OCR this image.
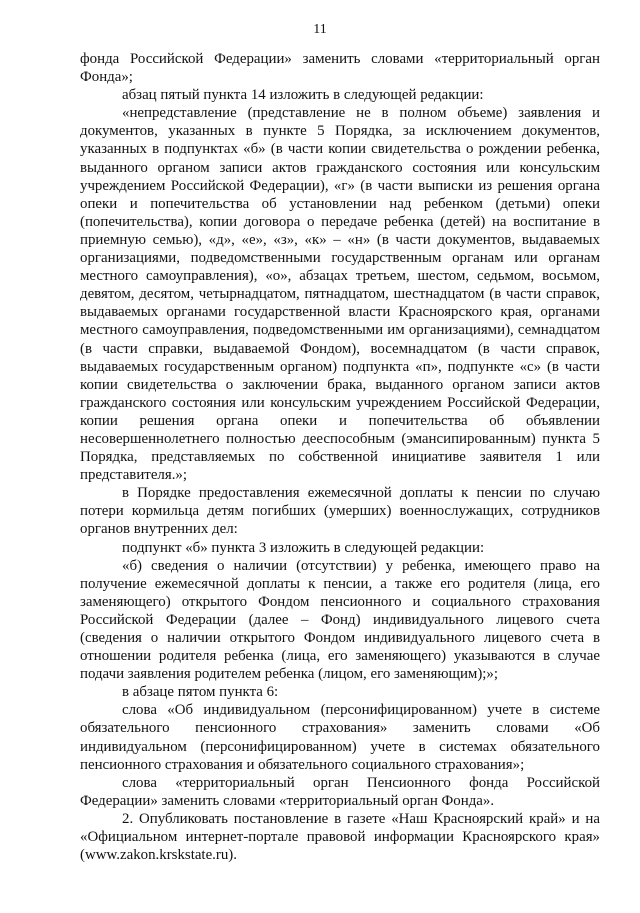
11

фонда Российской Федерации» заменить словами «территориальный орган Фонда»;

абзац пятый пункта 14 изложить в следующей редакции:

«непредставление (представление не в полном объеме) заявления и документов, указанных в пункте 5 Порядка, за исключением документов, указанных в подпунктах «б» (в части копии свидетельства о рождении ребенка, выданного органом записи актов гражданского состояния или консульским учреждением Российской Федерации), «г» (в части выписки из решения органа опеки и попечительства об установлении над ребенком (детьми) опеки (попечительства), копии договора о передаче ребенка (детей) на воспитание в приемную семью), «д», «е», «з», «к» – «н» (в части документов, выдаваемых организациями, подведомственными государственным органам или органам местного самоуправления), «о», абзацах третьем, шестом, седьмом, восьмом, девятом, десятом, четырнадцатом, пятнадцатом, шестнадцатом (в части справок, выдаваемых органами государственной власти Красноярского края, органами местного самоуправления, подведомственными им организациями), семнадцатом (в части справки, выдаваемой Фондом), восемнадцатом (в части справок, выдаваемых государственным органом) подпункта «п», подпункте «с» (в части копии свидетельства о заключении брака, выданного органом записи актов гражданского состояния или консульским учреждением Российской Федерации, копии решения органа опеки и попечительства об объявлении несовершеннолетнего полностью дееспособным (эмансипированным) пункта 5 Порядка, представляемых по собственной инициативе заявителя 1 или представителя.»;

в Порядке предоставления ежемесячной доплаты к пенсии по случаю потери кормильца детям погибших (умерших) военнослужащих, сотрудников органов внутренних дел:

подпункт «б» пункта 3 изложить в следующей редакции:

«б) сведения о наличии (отсутствии) у ребенка, имеющего право на получение ежемесячной доплаты к пенсии, а также его родителя (лица, его заменяющего) открытого Фондом пенсионного и социального страхования Российской Федерации (далее – Фонд) индивидуального лицевого счета (сведения о наличии открытого Фондом индивидуального лицевого счета в отношении родителя ребенка (лица, его заменяющего) указываются в случае подачи заявления родителем ребенка (лицом, его заменяющим);»;

в абзаце пятом пункта 6:

слова «Об индивидуальном (персонифицированном) учете в системе обязательного пенсионного страхования» заменить словами «Об индивидуальном (персонифицированном) учете в системах обязательного пенсионного страхования и обязательного социального страхования»;

слова «территориальный орган Пенсионного фонда Российской Федерации» заменить словами «территориальный орган Фонда».

2. Опубликовать постановление в газете «Наш Красноярский край» и на «Официальном интернет-портале правовой информации Красноярского края» (www.zakon.krskstate.ru).
